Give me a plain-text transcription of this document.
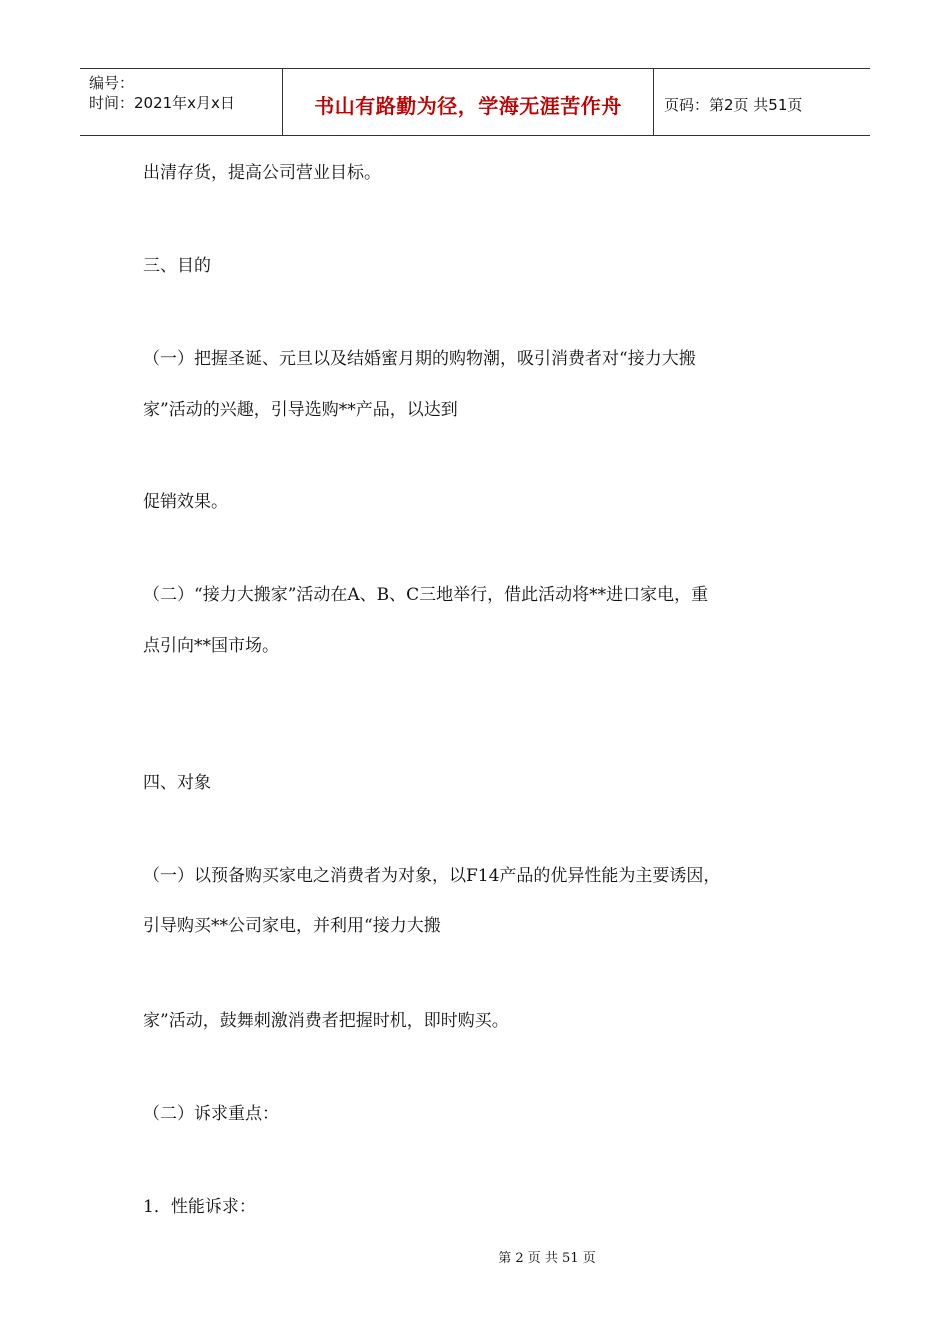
编号：
时间：2021年x月x日	书山有路勤为径，学海无涯苦作舟	页码：第2页 共51页
出清存货，提高公司营业目标。
三、目的
（一）把握圣诞、元旦以及结婚蜜月期的购物潮，吸引消费者对“接力大搬
家”活动的兴趣，引导选购**产品，以达到
促销效果。
（二）“接力大搬家”活动在A、B、C三地举行，借此活动将**进口家电，重
点引向**国市场。
四、对象
（一）以预备购买家电之消费者为对象，以F14产品的优异性能为主要诱因，
引导购买**公司家电，并利用“接力大搬
家”活动，鼓舞刺激消费者把握时机，即时购买。
（二）诉求重点：
1．性能诉求：
第 2 页 共 51 页
